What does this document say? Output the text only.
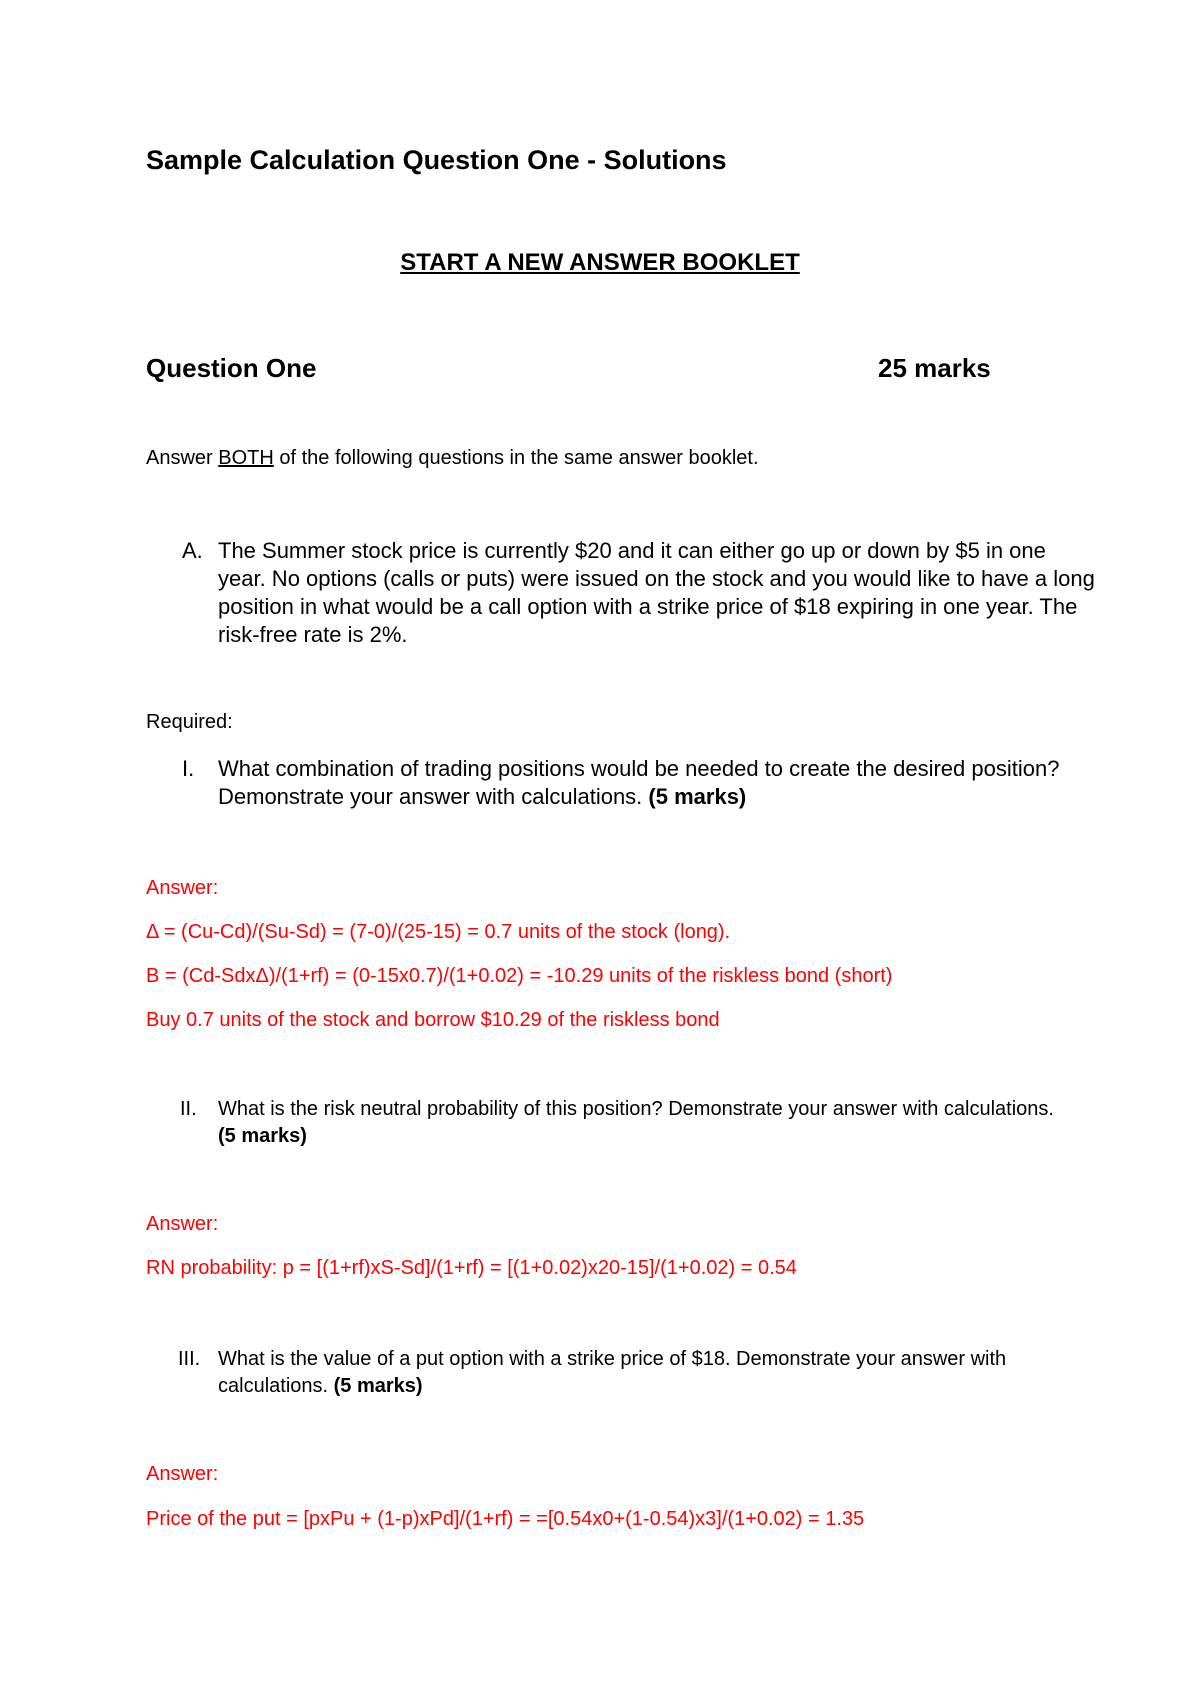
Sample Calculation Question One - Solutions
START A NEW ANSWER BOOKLET
Question One	25 marks
Answer BOTH of the following questions in the same answer booklet.
A. The Summer stock price is currently $20 and it can either go up or down by $5 in one year. No options (calls or puts) were issued on the stock and you would like to have a long position in what would be a call option with a strike price of $18 expiring in one year. The risk-free rate is 2%.
Required:
I. What combination of trading positions would be needed to create the desired position? Demonstrate your answer with calculations. (5 marks)
Answer:
Δ = (Cu-Cd)/(Su-Sd) = (7-0)/(25-15) = 0.7 units of the stock (long).
B = (Cd-SdxΔ)/(1+rf) = (0-15x0.7)/(1+0.02) = -10.29 units of the riskless bond (short)
Buy 0.7 units of the stock and borrow $10.29 of the riskless bond
II. What is the risk neutral probability of this position? Demonstrate your answer with calculations. (5 marks)
Answer:
RN probability: p = [(1+rf)xS-Sd]/(1+rf) = [(1+0.02)x20-15]/(1+0.02) = 0.54
III. What is the value of a put option with a strike price of $18. Demonstrate your answer with calculations. (5 marks)
Answer:
Price of the put = [pxPu + (1-p)xPd]/(1+rf) = =[0.54x0+(1-0.54)x3]/(1+0.02) = 1.35
